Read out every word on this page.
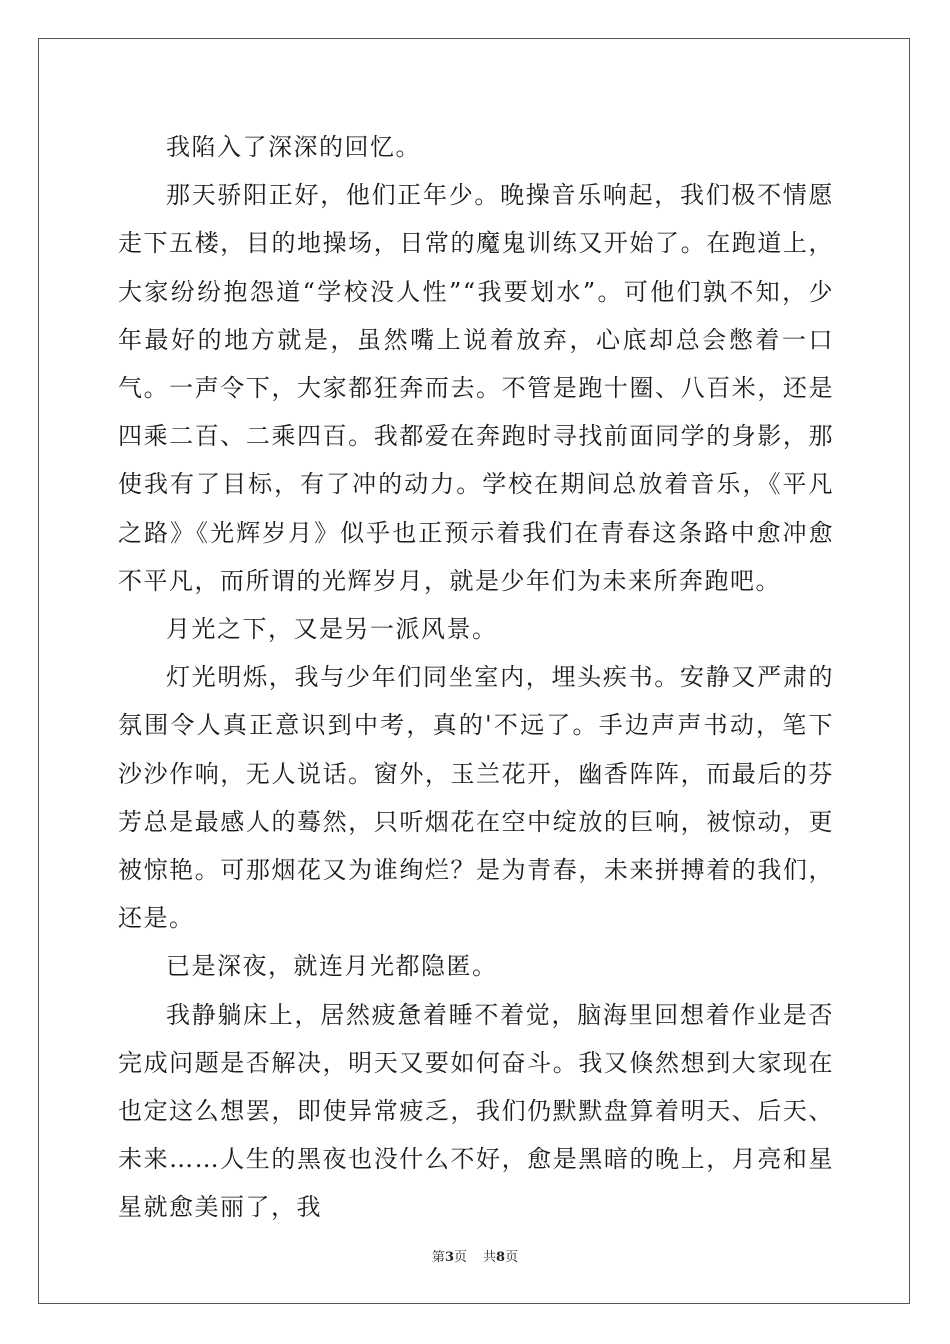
我陷入了深深的回忆。

那天骄阳正好，他们正年少。晚操音乐响起，我们极不情愿走下五楼，目的地操场，日常的魔鬼训练又开始了。在跑道上，大家纷纷抱怨道“学校没人性”“我要划水”。可他们孰不知，少年最好的地方就是，虽然嘴上说着放弃，心底却总会憋着一口气。一声令下，大家都狂奔而去。不管是跑十圈、八百米，还是四乘二百、二乘四百。我都爱在奔跑时寻找前面同学的身影，那使我有了目标，有了冲的动力。学校在期间总放着音乐，《平凡之路》《光辉岁月》似乎也正预示着我们在青春这条路中愈冲愈不平凡，而所谓的光辉岁月，就是少年们为未来所奔跑吧。

月光之下，又是另一派风景。

灯光明烁，我与少年们同坐室内，埋头疾书。安静又严肃的氛围令人真正意识到中考，真的'不远了。手边声声书动，笔下沙沙作响，无人说话。窗外，玉兰花开，幽香阵阵，而最后的芬芳总是最感人的蓦然，只听烟花在空中绽放的巨响，被惊动，更被惊艳。可那烟花又为谁绚烂？是为青春，未来拼搏着的我们，还是。

已是深夜，就连月光都隐匿。

我静躺床上，居然疲惫着睡不着觉，脑海里回想着作业是否完成问题是否解决，明天又要如何奋斗。我又倏然想到大家现在也定这么想罢，即使异常疲乏，我们仍默默盘算着明天、后天、未来……人生的黑夜也没什么不好，愈是黑暗的晚上，月亮和星星就愈美丽了，我

第3页 共8页
